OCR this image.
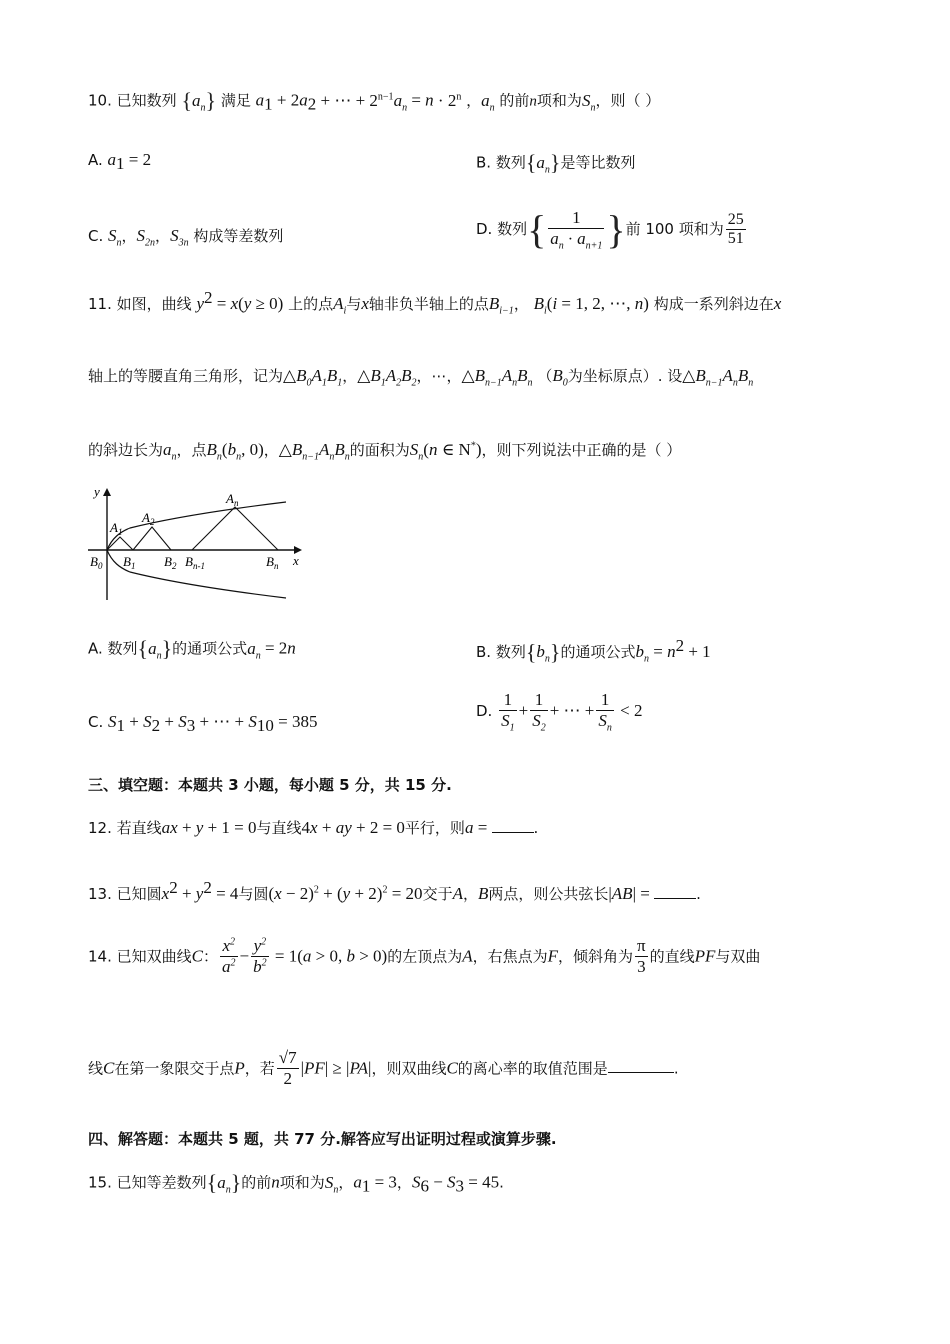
10. 已知数列 $\{a_n\}$ 满足 $a_1 + 2a_2$ + ⋯ + $2^{n-1}a_n = n \cdot 2^n$ ，$a_n$ 的前n项和为$S_n$，则（ ）
A. $a_1 = 2$	B. 数列$\{a_n\}$是等比数列
C. $S_n$，$S_{2n}$，$S_{3n}$ 构成等差数列	D. 数列{ $\frac{1}{a_n \cdot a_{n+1}}$ }前 100 项和为 $\frac{25}{51}$
11. 如图，曲线 $y^2 = x(y \ge 0)$ 上的点$A_i$与x轴非负半轴上的点$B_{i-1}$， $B_i(i = 1$, 2, ⋯, n) 构成一系列斜边在x
轴上的等腰直角三角形，记为$\triangle B_0A_1B_1$，$\triangle B_1A_2B_2$，⋯，$\triangle B_{n-1}A_nB_n$ （$B_0$为坐标原点）. 设$\triangle B_{n-1}A_nB_n$
的斜边长为$a_n$，点$B_n(b_n$, 0)，$\triangle B_{n-1}A_nB_n$的面积为$S_n(n$ ∈ N*)，则下列说法中正确的是（ ）
y
x
$A_1$
$A_2$
$A_n$
$B_0$ $B_1$ $B_2$ $B_{n-1}$	$B_n$
A. 数列$\{a_n\}$的通项公式$a_n = 2n$	B. 数列$\{b_n\}$的通项公式$b_n = n^2 + 1$
C. $S_1 + S_2 + S_3$ + ⋯ + $S_{10} = 385$
D. $\frac{1}{S_1} + \frac{1}{S_2}$ + ⋯ + $\frac{1}{S_n} < 2$
三、填空题：本题共 3 小题，每小题 5 分，共 15 分.
12. 若直线ax + y + 1 = 0与直线4x + ay + 2 = 0平行，则a =	.
13. 已知圆$x^2 + y^2 = 4$与圆$(x - 2)^2 + (y + 2)^2 = 20$交于A，B两点，则公共弦长|AB| =	.
14. 已知双曲线C： $\frac{x^2}{a^2} - \frac{y^2}{b^2} = 1(a > 0$, b > 0)的左顶点为A，右焦点为F，倾斜角为 $\frac{\pi}{3}$ 的直线PF与双曲
线C在第一象限交于点P，若 $\frac{√7}{2} |PF| \ge |PA|$，则双曲线C的离心率的取值范围是	.
四、解答题：本题共 5 题，共 77 分.解答应写出证明过程或演算步骤.
15. 已知等差数列$\{a_n\}$的前n项和为$S_n$，$a_1 = 3$，$S_6 - S_3 = 45$.
